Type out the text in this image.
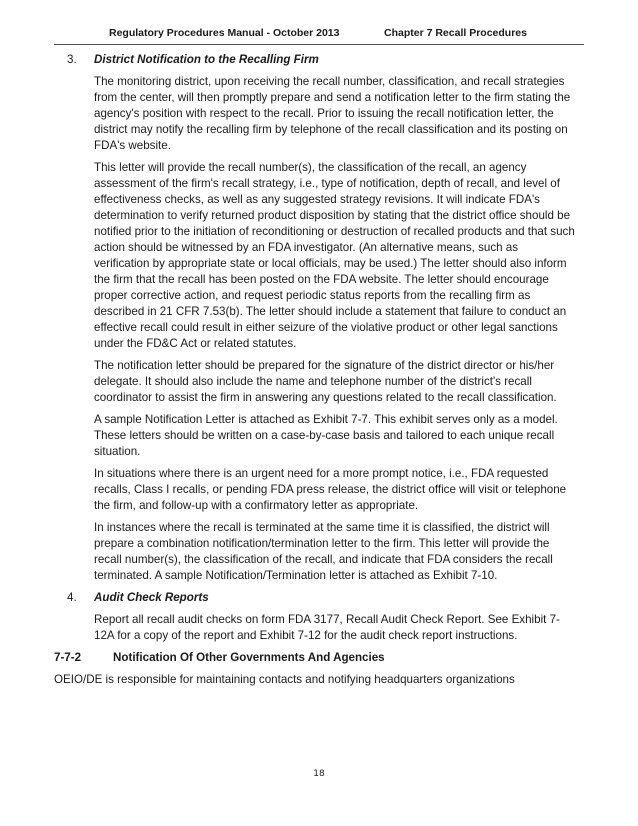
Regulatory Procedures Manual - October 2013	Chapter 7 Recall Procedures
3. District Notification to the Recalling Firm

The monitoring district, upon receiving the recall number, classification, and recall strategies from the center, will then promptly prepare and send a notification letter to the firm stating the agency's position with respect to the recall. Prior to issuing the recall notification letter, the district may notify the recalling firm by telephone of the recall classification and its posting on FDA's website.

This letter will provide the recall number(s), the classification of the recall, an agency assessment of the firm's recall strategy, i.e., type of notification, depth of recall, and level of effectiveness checks, as well as any suggested strategy revisions. It will indicate FDA's determination to verify returned product disposition by stating that the district office should be notified prior to the initiation of reconditioning or destruction of recalled products and that such action should be witnessed by an FDA investigator. (An alternative means, such as verification by appropriate state or local officials, may be used.) The letter should also inform the firm that the recall has been posted on the FDA website. The letter should encourage proper corrective action, and request periodic status reports from the recalling firm as described in 21 CFR 7.53(b). The letter should include a statement that failure to conduct an effective recall could result in either seizure of the violative product or other legal sanctions under the FD&C Act or related statutes.

The notification letter should be prepared for the signature of the district director or his/her delegate. It should also include the name and telephone number of the district's recall coordinator to assist the firm in answering any questions related to the recall classification.

A sample Notification Letter is attached as Exhibit 7-7. This exhibit serves only as a model. These letters should be written on a case-by-case basis and tailored to each unique recall situation.

In situations where there is an urgent need for a more prompt notice, i.e., FDA requested recalls, Class I recalls, or pending FDA press release, the district office will visit or telephone the firm, and follow-up with a confirmatory letter as appropriate.

In instances where the recall is terminated at the same time it is classified, the district will prepare a combination notification/termination letter to the firm. This letter will provide the recall number(s), the classification of the recall, and indicate that FDA considers the recall terminated. A sample Notification/Termination letter is attached as Exhibit 7-10.

4. Audit Check Reports

Report all recall audit checks on form FDA 3177, Recall Audit Check Report. See Exhibit 7-12A for a copy of the report and Exhibit 7-12 for the audit check report instructions.

7-7-2	Notification Of Other Governments And Agencies

OEIO/DE is responsible for maintaining contacts and notifying headquarters organizations

18
